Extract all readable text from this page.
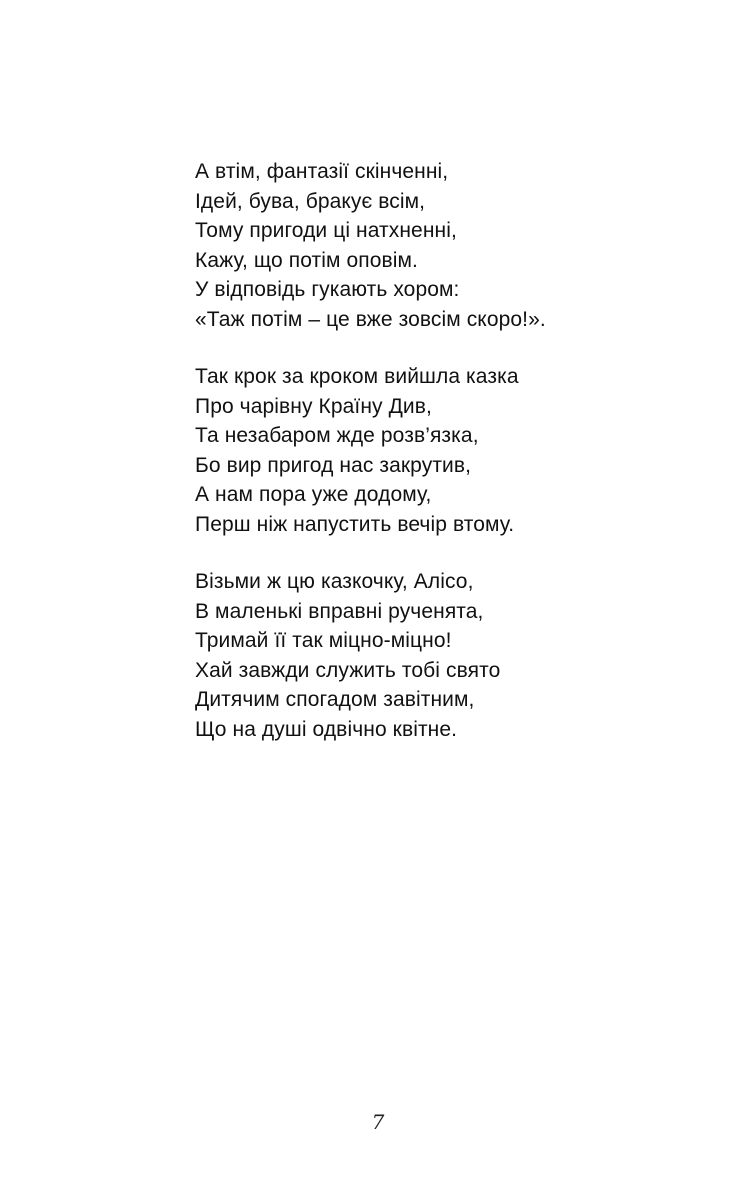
А втім, фантазії скінченні,
Ідей, бува, бракує всім,
Тому пригоди ці натхненні,
Кажу, що потім оповім.
У відповідь гукають хором:
«Таж потім – це вже зовсім скоро!».
Так крок за кроком вийшла казка
Про чарівну Країну Див,
Та незабаром жде розв’язка,
Бо вир пригод нас закрутив,
А нам пора уже додому,
Перш ніж напустить вечір втому.
Візьми ж цю казкочку, Алісо,
В маленькі вправні рученята,
Тримай її так міцно-міцно!
Хай завжди служить тобі свято
Дитячим спогадом завітним,
Що на душі одвічно квітне.
7
